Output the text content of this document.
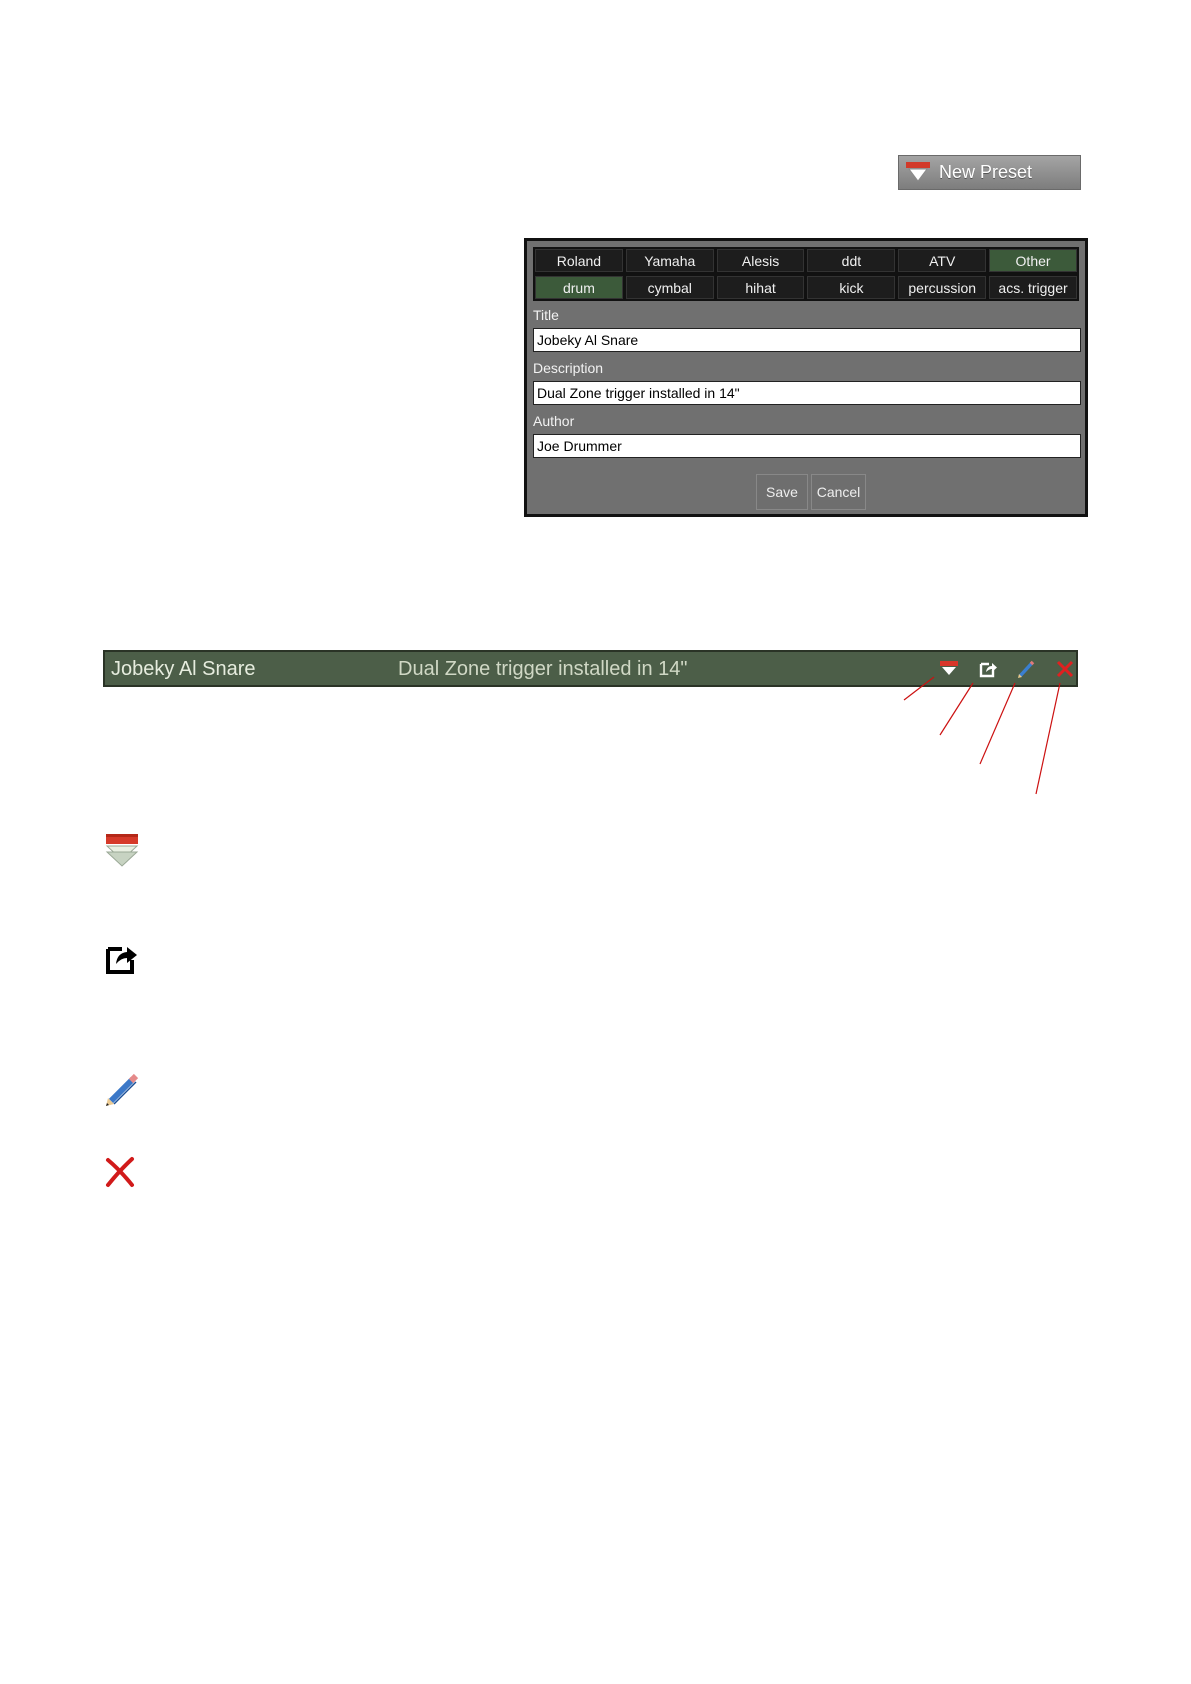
New Preset
Roland	Yamaha	Alesis	ddt	ATV	Other
drum	cymbal	hihat	kick	percussion	acs. trigger
Title
Jobeky Al Snare
Description
Dual Zone trigger installed in 14"
Author
Joe Drummer
Save	Cancel
Jobeky Al Snare	Dual Zone trigger installed in 14"
